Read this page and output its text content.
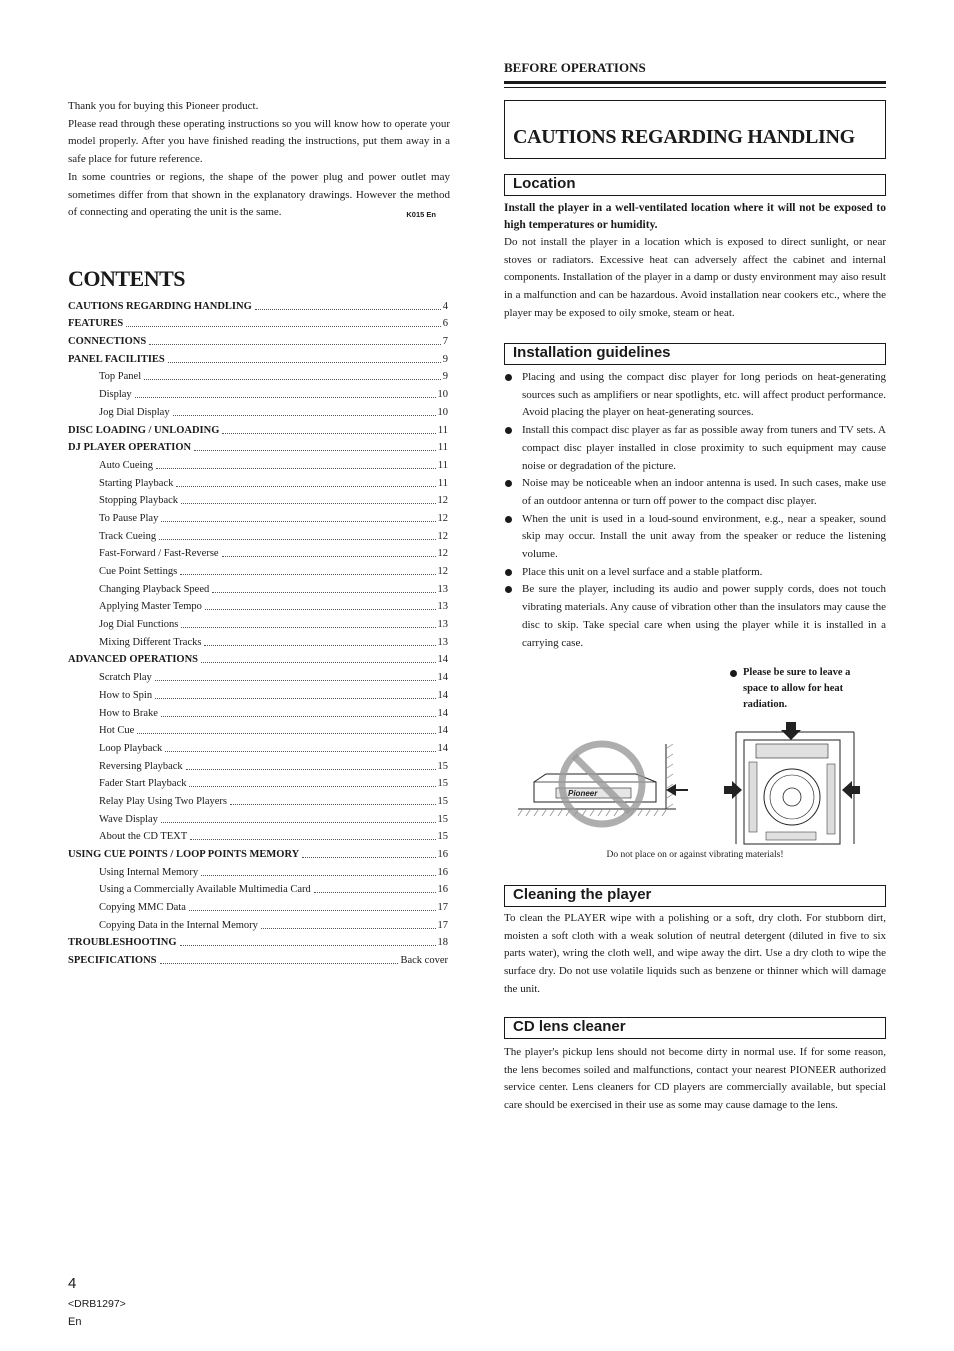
Thank you for buying this Pioneer product.

Please read through these operating instructions so you will know how to operate your model properly. After you have finished reading the instructions, put them away in a safe place for future reference.

In some countries or regions, the shape of the power plug and power outlet may sometimes differ from that shown in the explanatory drawings. However the method of connecting and operating the unit is the same.	K015 En

CONTENTS
CAUTIONS REGARDING HANDLING	4
FEATURES	6
CONNECTIONS	7
PANEL FACILITIES	9
Top Panel	9
Display	10
Jog Dial Display	10
DISC LOADING / UNLOADING	11
DJ PLAYER OPERATION	11
Auto Cueing	11
Starting Playback	11
Stopping Playback	12
To Pause Play	12
Track Cueing	12
Fast-Forward / Fast-Reverse	12
Cue Point Settings	12
Changing Playback Speed	13
Applying Master Tempo	13
Jog Dial Functions	13
Mixing Different Tracks	13
ADVANCED OPERATIONS	14
Scratch Play	14
How to Spin	14
How to Brake	14
Hot Cue	14
Loop Playback	14
Reversing Playback	15
Fader Start Playback	15
Relay Play Using Two Players	15
Wave Display	15
About the CD TEXT	15
USING CUE POINTS / LOOP POINTS MEMORY	16
Using Internal Memory	16
Using a Commercially Available Multimedia Card	16
Copying MMC Data	17
Copying Data in the Internal Memory	17
TROUBLESHOOTING	18
SPECIFICATIONS	Back cover
BEFORE OPERATIONS
CAUTIONS REGARDING HANDLING
Location

Install the player in a well-ventilated location where it will not be exposed to high temperatures or humidity.

Do not install the player in a location which is exposed to direct sunlight, or near stoves or radiators. Excessive heat can adversely affect the cabinet and internal components. Installation of the player in a damp or dusty environment may aiso result in a malfunction and can be hazardous. Avoid installation near cookers etc., where the player may be exposed to oily smoke, steam or heat.

Installation guidelines
Placing and using the compact disc player for long periods on heat-generating sources such as amplifiers or near spotlights, etc. will affect product performance. Avoid placing the player on heat-generating sources.
Install this compact disc player as far as possible away from tuners and TV sets. A compact disc player installed in close proximity to such equipment may cause noise or degradation of the picture.
Noise may be noticeable when an indoor antenna is used. In such cases, make use of an outdoor antenna or turn off power to the compact disc player.
When the unit is used in a loud-sound environment, e.g., near a speaker, sound skip may occur. Install the unit away from the speaker or reduce the listening volume.
Place this unit on a level surface and a stable platform.
Be sure the player, including its audio and power supply cords, does not touch vibrating materials. Any cause of vibration other than the insulators may cause the disc to skip. Take special care when using the player while it is installed in a carrying case.
Please be sure to leave a space to allow for heat radiation.
Pioneer
Do not place on or against vibrating materials!
Cleaning the player
To clean the PLAYER wipe with a polishing or a soft, dry cloth. For stubborn dirt, moisten a soft cloth with a weak solution of neutral detergent (diluted in five to six parts water), wring the cloth well, and wipe away the dirt. Use a dry cloth to wipe the surface dry. Do not use volatile liquids such as benzene or thinner which will damage the unit.
CD lens cleaner
The player's pickup lens should not become dirty in normal use. If for some reason, the lens becomes soiled and malfunctions, contact your nearest PIONEER authorized service center. Lens cleaners for CD players are commercially available, but special care should be exercised in their use as some may cause damage to the lens.
4
<DRB1297>
En
